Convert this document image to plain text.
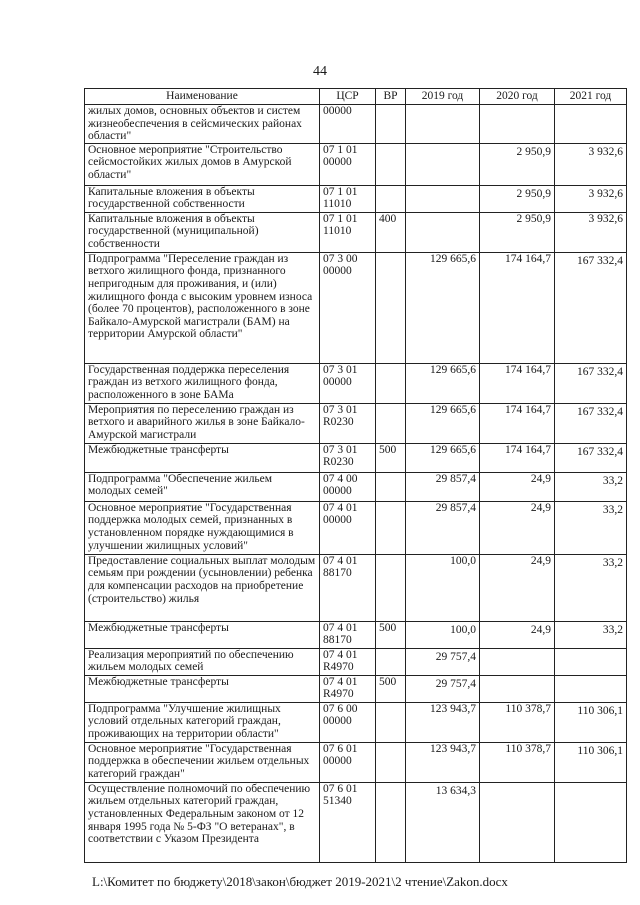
44
Наименование	ЦСР	ВР	2019 год	2020 год	2021 год
жилых домов, основных объектов и систем жизнеобеспечения в сейсмических районах области"	00000				
Основное мероприятие "Строительство сейсмостойких жилых домов в Амурской области"	07 1 01 00000			2 950,9	3 932,6
Капитальные вложения в объекты государственной собственности	07 1 01 11010			2 950,9	3 932,6
Капитальные вложения в объекты государственной (муниципальной) собственности	07 1 01 11010	400		2 950,9	3 932,6
Подпрограмма "Переселение граждан из ветхого жилищного фонда, признанного непригодным для проживания, и (или) жилищного фонда с высоким уровнем износа (более 70 процентов), расположенного в зоне Байкало-Амурской магистрали (БАМ) на территории Амурской области"	07 3 00 00000		129 665,6	174 164,7	167 332,4
Государственная поддержка переселения граждан из ветхого жилищного фонда, расположенного в зоне БАМа	07 3 01 00000		129 665,6	174 164,7	167 332,4
Мероприятия по переселению граждан из ветхого и аварийного жилья в зоне Байкало-Амурской магистрали	07 3 01 R0230		129 665,6	174 164,7	167 332,4
Межбюджетные трансферты	07 3 01 R0230	500	129 665,6	174 164,7	167 332,4
Подпрограмма "Обеспечение жильем молодых семей"	07 4 00 00000		29 857,4	24,9	33,2
Основное мероприятие "Государственная поддержка молодых семей, признанных в установленном порядке нуждающимися в улучшении жилищных условий"	07 4 01 00000		29 857,4	24,9	33,2
Предоставление социальных выплат молодым семьям при рождении (усыновлении) ребенка для компенсации расходов на приобретение (строительство) жилья	07 4 01 88170		100,0	24,9	33,2
Межбюджетные трансферты	07 4 01 88170	500	100,0	24,9	33,2
Реализация мероприятий по обеспечению жильем молодых семей	07 4 01 R4970		29 757,4		
Межбюджетные трансферты	07 4 01 R4970	500	29 757,4		
Подпрограмма "Улучшение жилищных условий отдельных категорий граждан, проживающих на территории области"	07 6 00 00000		123 943,7	110 378,7	110 306,1
Основное мероприятие "Государственная поддержка в обеспечении жильем отдельных категорий граждан"	07 6 01 00000		123 943,7	110 378,7	110 306,1
Осуществление полномочий по обеспечению жильем отдельных категорий граждан, установленных Федеральным законом от 12 января 1995 года № 5-ФЗ "О ветеранах", в соответствии с Указом Президента	07 6 01 51340		13 634,3		
L:\Комитет по бюджету\2018\закон\бюджет 2019-2021\2 чтение\Zakon.docx
